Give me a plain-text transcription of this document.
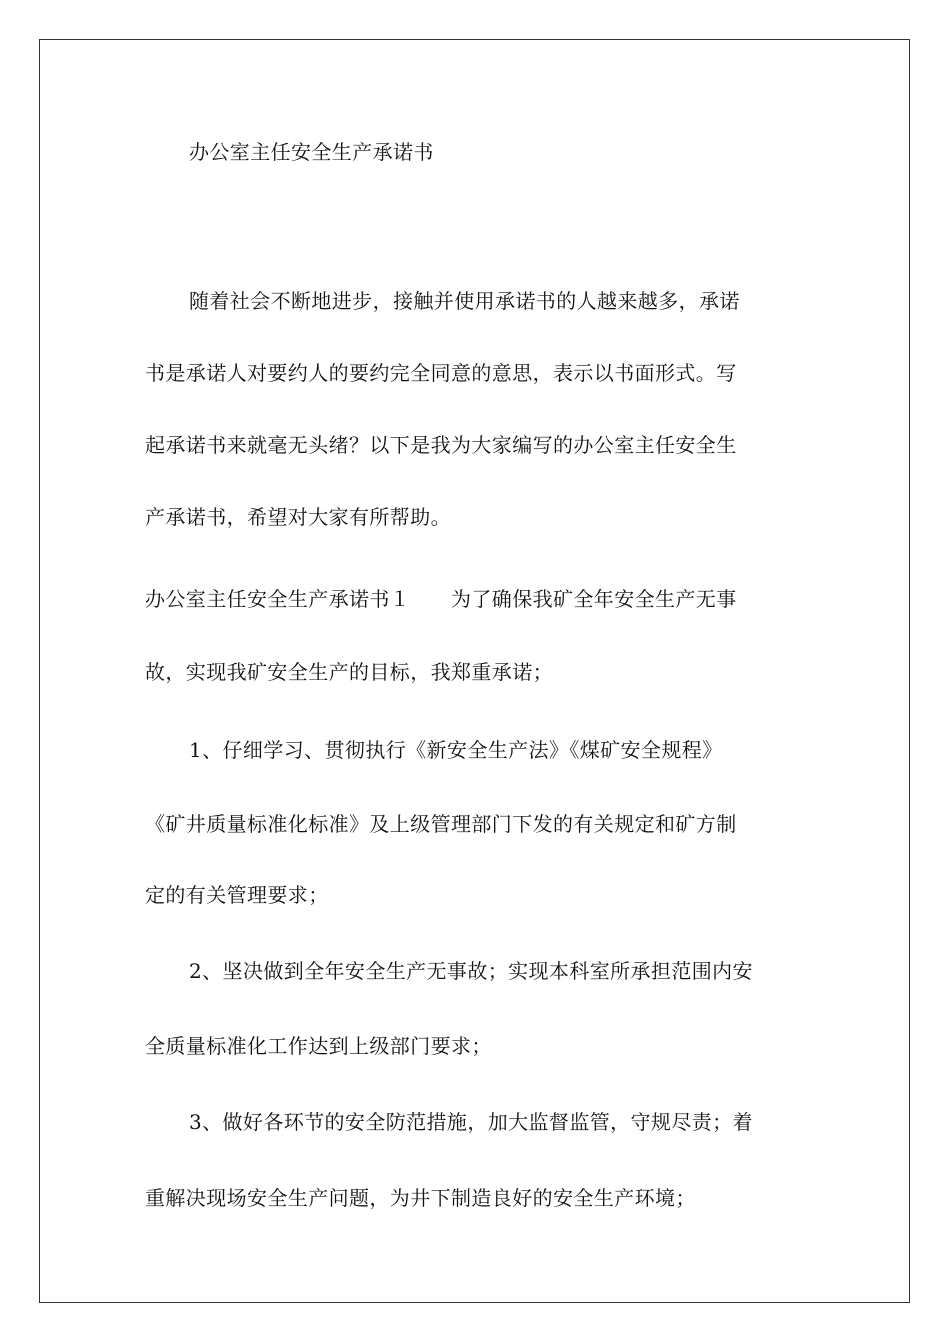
办公室主任安全生产承诺书
随着社会不断地进步，接触并使用承诺书的人越来越多，承诺
书是承诺人对要约人的要约完全同意的意思，表示以书面形式。写
起承诺书来就毫无头绪？以下是我为大家编写的办公室主任安全生
产承诺书，希望对大家有所帮助。
办公室主任安全生产承诺书１　　为了确保我矿全年安全生产无事
故，实现我矿安全生产的目标，我郑重承诺；
1、仔细学习、贯彻执行《新安全生产法》《煤矿安全规程》
《矿井质量标准化标准》及上级管理部门下发的有关规定和矿方制
定的有关管理要求；
2、坚决做到全年安全生产无事故；实现本科室所承担范围内安
全质量标准化工作达到上级部门要求；
3、做好各环节的安全防范措施，加大监督监管，守规尽责；着
重解决现场安全生产问题，为井下制造良好的安全生产环境；
